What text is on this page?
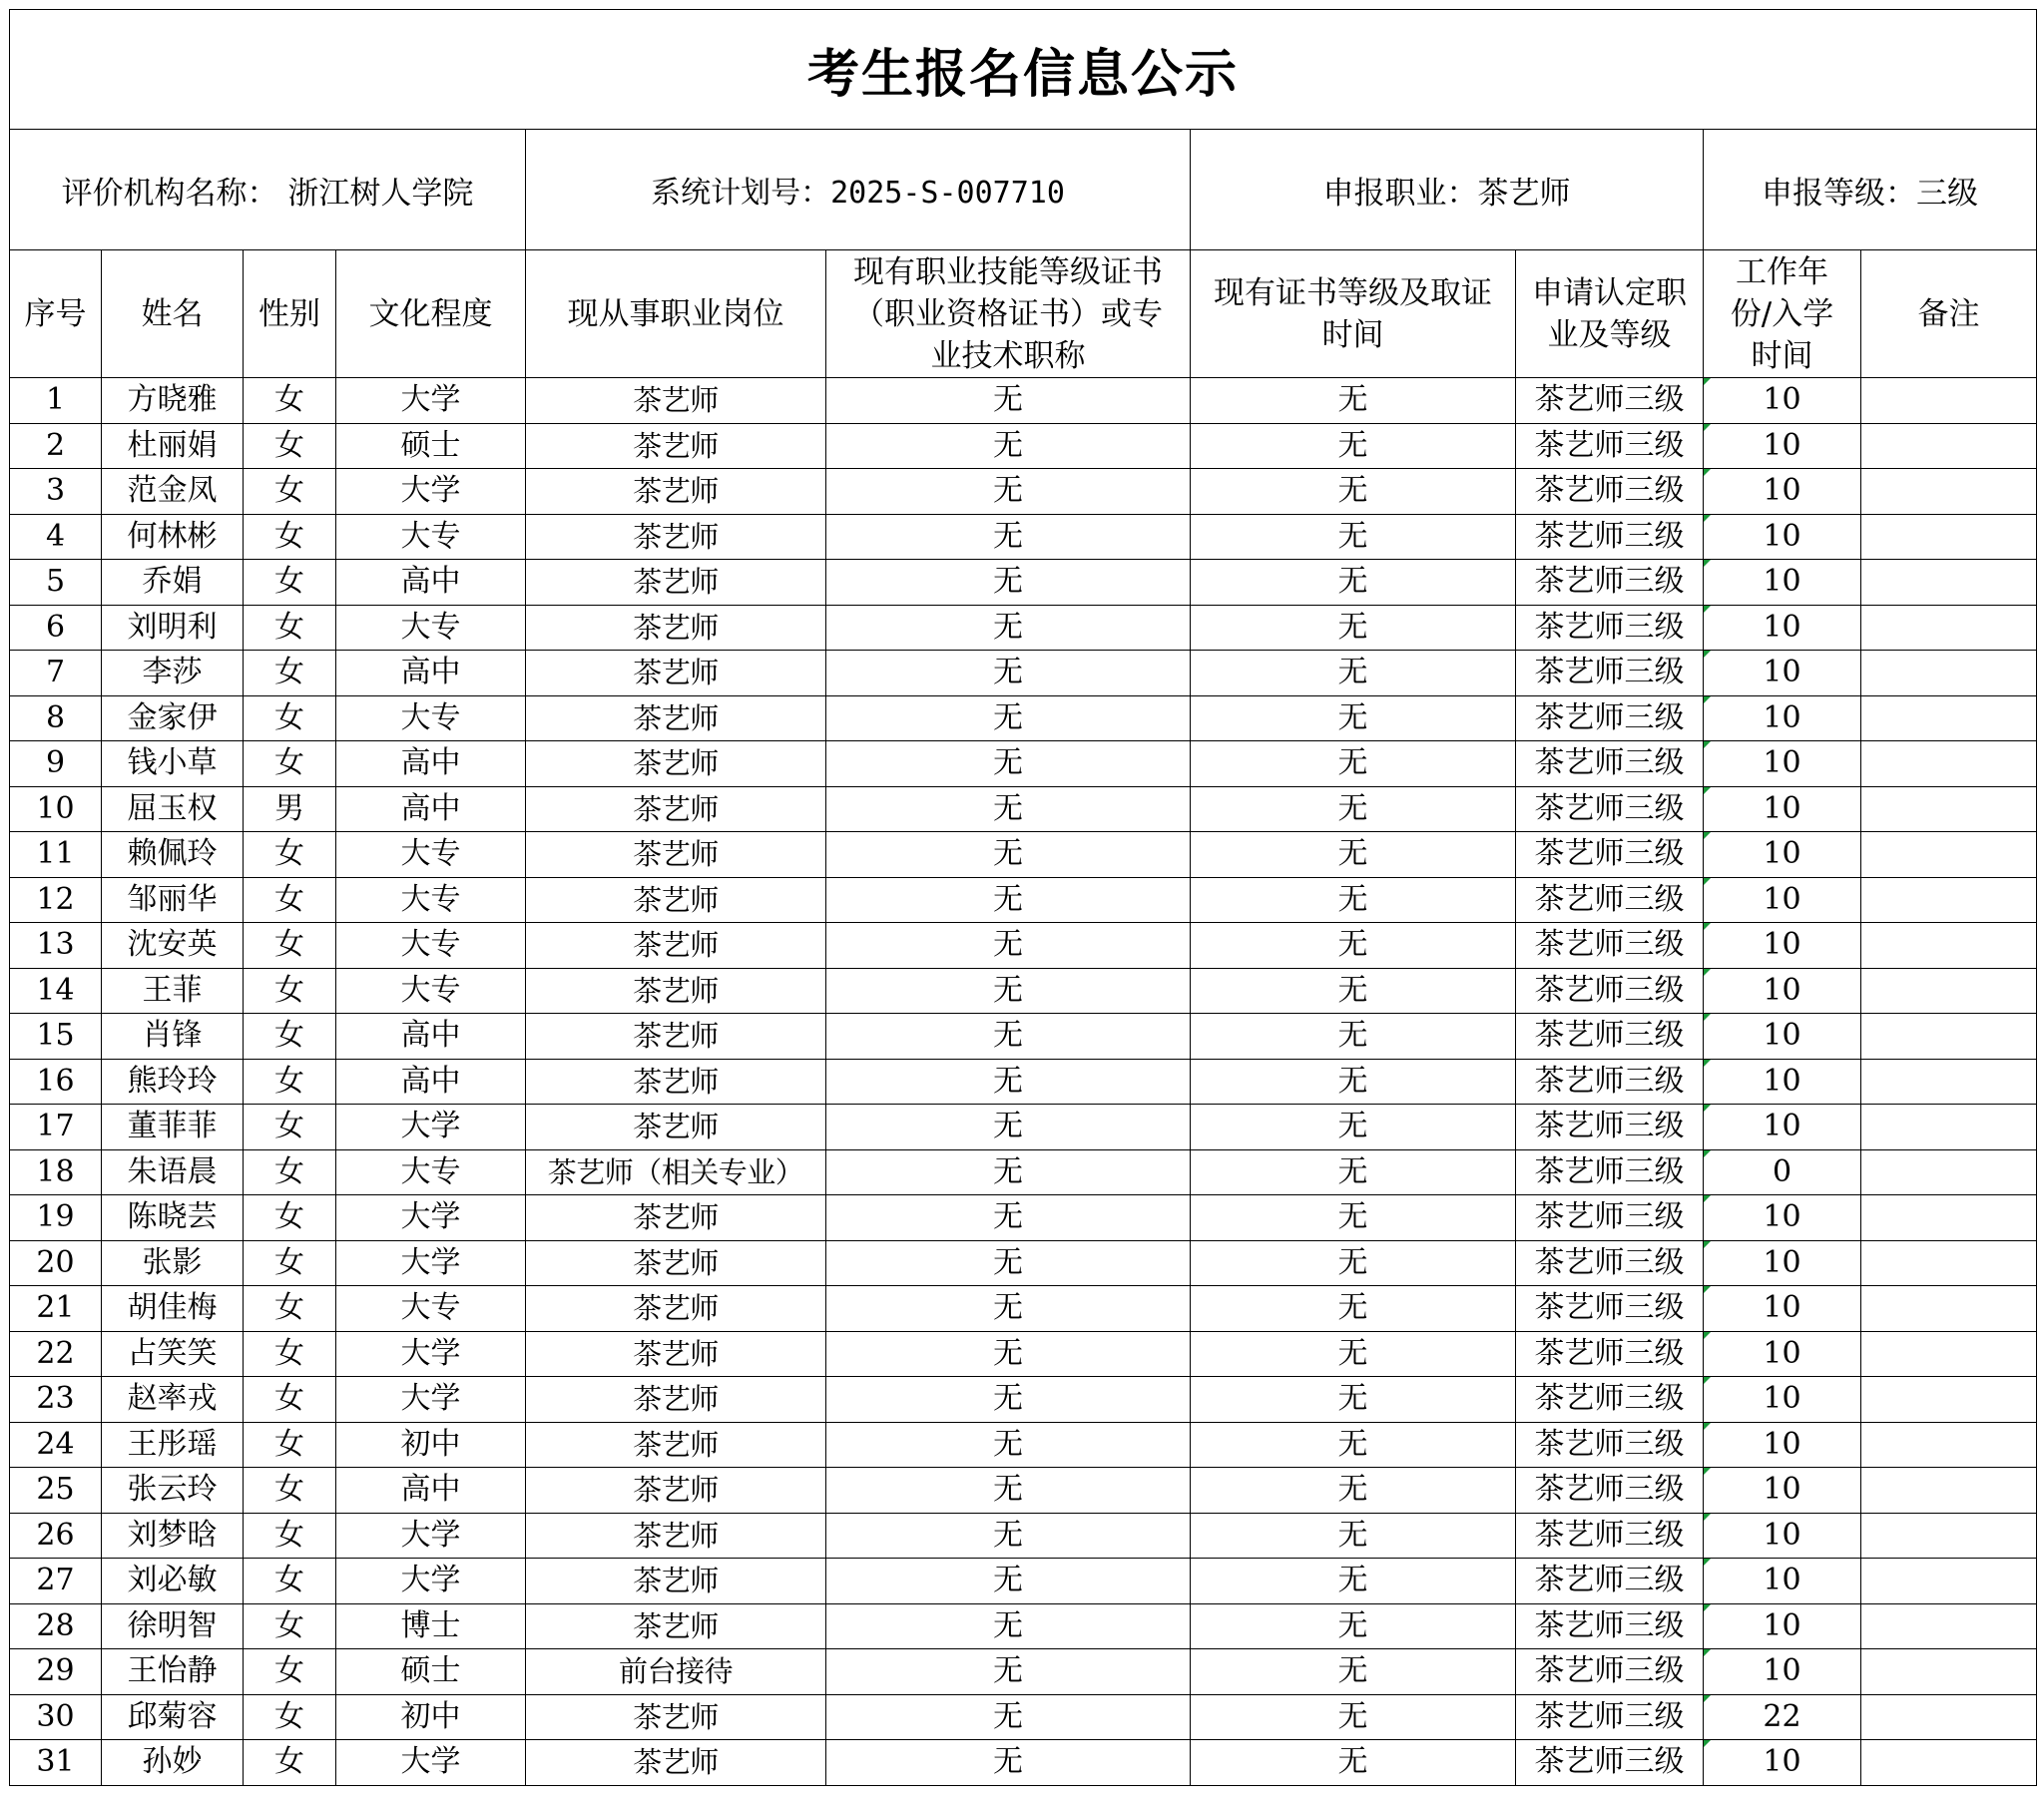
考生报名信息公示									
评价机构名称： 浙江树人学院				系统计划号：2025-S-007710		申报职业：茶艺师		申报等级：三级	
序号	姓名	性别	文化程度	现从事职业岗位	现有职业技能等级证书（职业资格证书）或专业技术职称	现有证书等级及取证时间	申请认定职业及等级	工作年份/入学时间	备注
1	方晓雅	女	大学	茶艺师	无	无	茶艺师三级	10	
2	杜丽娟	女	硕士	茶艺师	无	无	茶艺师三级	10	
3	范金凤	女	大学	茶艺师	无	无	茶艺师三级	10	
4	何林彬	女	大专	茶艺师	无	无	茶艺师三级	10	
5	乔娟	女	高中	茶艺师	无	无	茶艺师三级	10	
6	刘明利	女	大专	茶艺师	无	无	茶艺师三级	10	
7	李莎	女	高中	茶艺师	无	无	茶艺师三级	10	
8	金家伊	女	大专	茶艺师	无	无	茶艺师三级	10	
9	钱小草	女	高中	茶艺师	无	无	茶艺师三级	10	
10	屈玉权	男	高中	茶艺师	无	无	茶艺师三级	10	
11	赖佩玲	女	大专	茶艺师	无	无	茶艺师三级	10	
12	邹丽华	女	大专	茶艺师	无	无	茶艺师三级	10	
13	沈安英	女	大专	茶艺师	无	无	茶艺师三级	10	
14	王菲	女	大专	茶艺师	无	无	茶艺师三级	10	
15	肖锋	女	高中	茶艺师	无	无	茶艺师三级	10	
16	熊玲玲	女	高中	茶艺师	无	无	茶艺师三级	10	
17	董菲菲	女	大学	茶艺师	无	无	茶艺师三级	10	
18	朱语晨	女	大专	茶艺师（相关专业）	无	无	茶艺师三级	0	
19	陈晓芸	女	大学	茶艺师	无	无	茶艺师三级	10	
20	张影	女	大学	茶艺师	无	无	茶艺师三级	10	
21	胡佳梅	女	大专	茶艺师	无	无	茶艺师三级	10	
22	占笑笑	女	大学	茶艺师	无	无	茶艺师三级	10	
23	赵率戎	女	大学	茶艺师	无	无	茶艺师三级	10	
24	王彤瑶	女	初中	茶艺师	无	无	茶艺师三级	10	
25	张云玲	女	高中	茶艺师	无	无	茶艺师三级	10	
26	刘梦晗	女	大学	茶艺师	无	无	茶艺师三级	10	
27	刘必敏	女	大学	茶艺师	无	无	茶艺师三级	10	
28	徐明智	女	博士	茶艺师	无	无	茶艺师三级	10	
29	王怡静	女	硕士	前台接待	无	无	茶艺师三级	10	
30	邱菊容	女	初中	茶艺师	无	无	茶艺师三级	22	
31	孙妙	女	大学	茶艺师	无	无	茶艺师三级	10	
